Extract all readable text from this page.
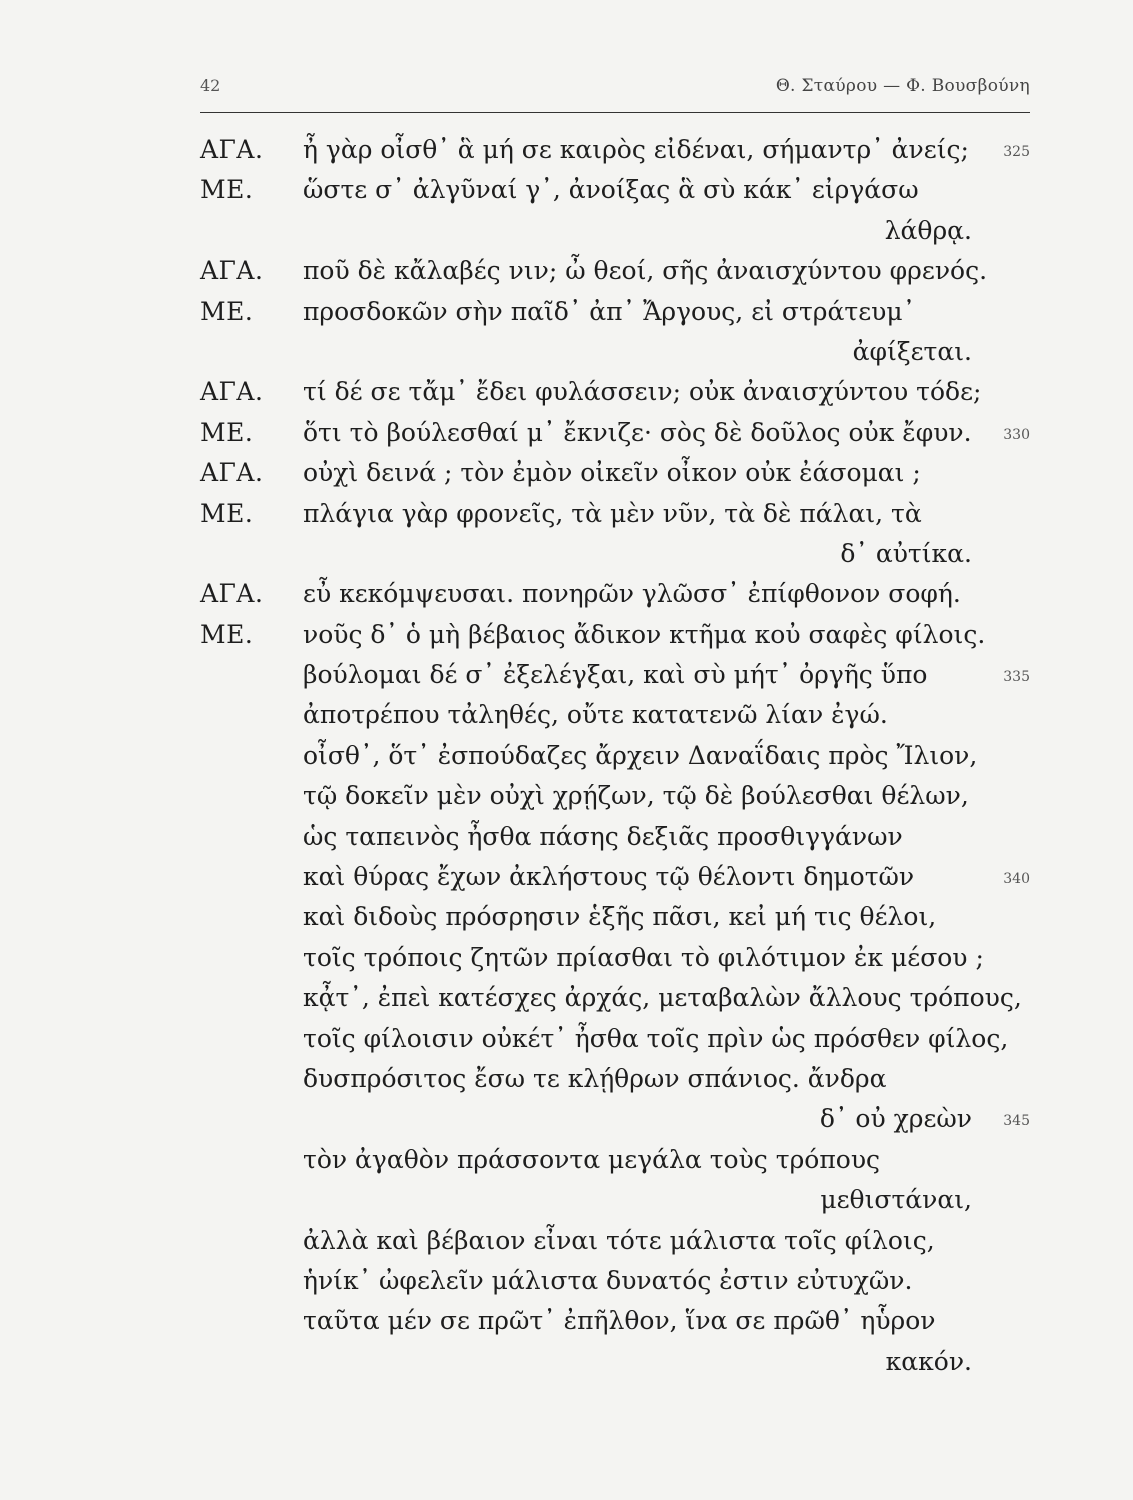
42	Θ. Σταύρου — Φ. Βουσβούνη
ΑΓΑ.	ἦ γὰρ οἶσθ᾽ ἃ μή σε καιρὸς εἰδέναι, σήμαντρ᾽ ἀνείς; 325
ΜΕ.	ὥστε σ᾽ ἀλγῦναί γ᾽, ἀνοίξας ἃ σὺ κάκ᾽ εἰργάσω
λάθρᾳ.
ΑΓΑ.	ποῦ δὲ κἄλαβές νιν; ὦ θεοί, σῆς ἀναισχύντου φρενός.
ΜΕ.	προσδοκῶν σὴν παῖδ᾽ ἀπ᾽ Ἄργους, εἰ στράτευμ᾽
ἀφίξεται.
ΑΓΑ.	τί δέ σε τἄμ᾽ ἔδει φυλάσσειν; οὐκ ἀναισχύντου τόδε;
ΜΕ.	ὅτι τὸ βούλεσθαί μ᾽ ἔκνιζε· σὸς δὲ δοῦλος οὐκ ἔφυν. 330
ΑΓΑ.	οὐχὶ δεινά ; τὸν ἐμὸν οἰκεῖν οἶκον οὐκ ἐάσομαι ;
ΜΕ.	πλάγια γὰρ φρονεῖς, τὰ μὲν νῦν, τὰ δὲ πάλαι, τὰ
δ᾽ αὐτίκα.
ΑΓΑ.	εὖ κεκόμψευσαι. πονηρῶν γλῶσσ᾽ ἐπίφθονον σοφή.
ΜΕ.	νοῦς δ᾽ ὁ μὴ βέβαιος ἄδικον κτῆμα κοὐ σαφὲς φίλοις.
βούλομαι δέ σ᾽ ἐξελέγξαι, καὶ σὺ μήτ᾽ ὀργῆς ὕπο	335
ἀποτρέπου τἀληθές, οὔτε κατατενῶ λίαν ἐγώ.
οἶσθ᾽, ὅτ᾽ ἐσπούδαζες ἄρχειν Δαναΐδαις πρὸς Ἴλιον,
τῷ δοκεῖν μὲν οὐχὶ χρῄζων, τῷ δὲ βούλεσθαι θέλων,
ὡς ταπεινὸς ἦσθα πάσης δεξιᾶς προσθιγγάνων
καὶ θύρας ἔχων ἀκλήστους τῷ θέλοντι δημοτῶν	340
καὶ διδοὺς πρόσρησιν ἑξῆς πᾶσι, κεἰ μή τις θέλοι,
τοῖς τρόποις ζητῶν πρίασθαι τὸ φιλότιμον ἐκ μέσου ;
κᾆτ᾽, ἐπεὶ κατέσχες ἀρχάς, μεταβαλὼν ἄλλους τρόπους,
τοῖς φίλοισιν οὐκέτ᾽ ἦσθα τοῖς πρὶν ὡς πρόσθεν φίλος,
δυσπρόσιτος ἔσω τε κλῄθρων σπάνιος. ἄνδρα
δ᾽ οὐ χρεὼν 345
τὸν ἀγαθὸν πράσσοντα μεγάλα τοὺς τρόπους
μεθιστάναι,
ἀλλὰ καὶ βέβαιον εἶναι τότε μάλιστα τοῖς φίλοις,
ἡνίκ᾽ ὠφελεῖν μάλιστα δυνατός ἐστιν εὐτυχῶν.
ταῦτα μέν σε πρῶτ᾽ ἐπῆλθον, ἵνα σε πρῶθ᾽ ηὗρον
κακόν.
